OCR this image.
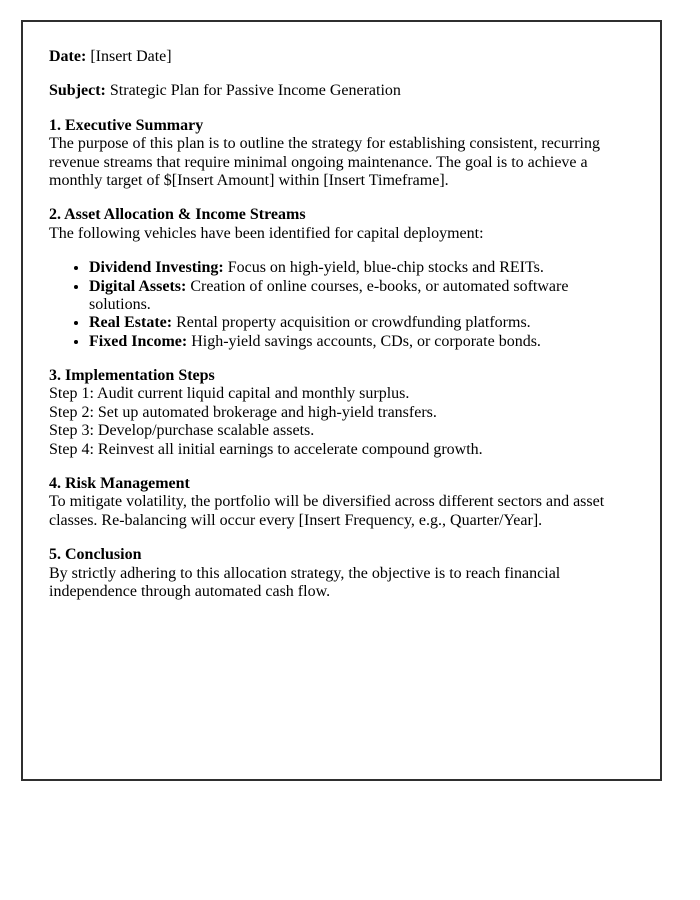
Date: [Insert Date]

Subject: Strategic Plan for Passive Income Generation

1. Executive Summary
The purpose of this plan is to outline the strategy for establishing consistent, recurring revenue streams that require minimal ongoing maintenance. The goal is to achieve a monthly target of $[Insert Amount] within [Insert Timeframe].

2. Asset Allocation & Income Streams
The following vehicles have been identified for capital deployment:

• Dividend Investing: Focus on high-yield, blue-chip stocks and REITs.
• Digital Assets: Creation of online courses, e-books, or automated software solutions.
• Real Estate: Rental property acquisition or crowdfunding platforms.
• Fixed Income: High-yield savings accounts, CDs, or corporate bonds.

3. Implementation Steps
Step 1: Audit current liquid capital and monthly surplus.
Step 2: Set up automated brokerage and high-yield transfers.
Step 3: Develop/purchase scalable assets.
Step 4: Reinvest all initial earnings to accelerate compound growth.

4. Risk Management
To mitigate volatility, the portfolio will be diversified across different sectors and asset classes. Re-balancing will occur every [Insert Frequency, e.g., Quarter/Year].

5. Conclusion
By strictly adhering to this allocation strategy, the objective is to reach financial independence through automated cash flow.
